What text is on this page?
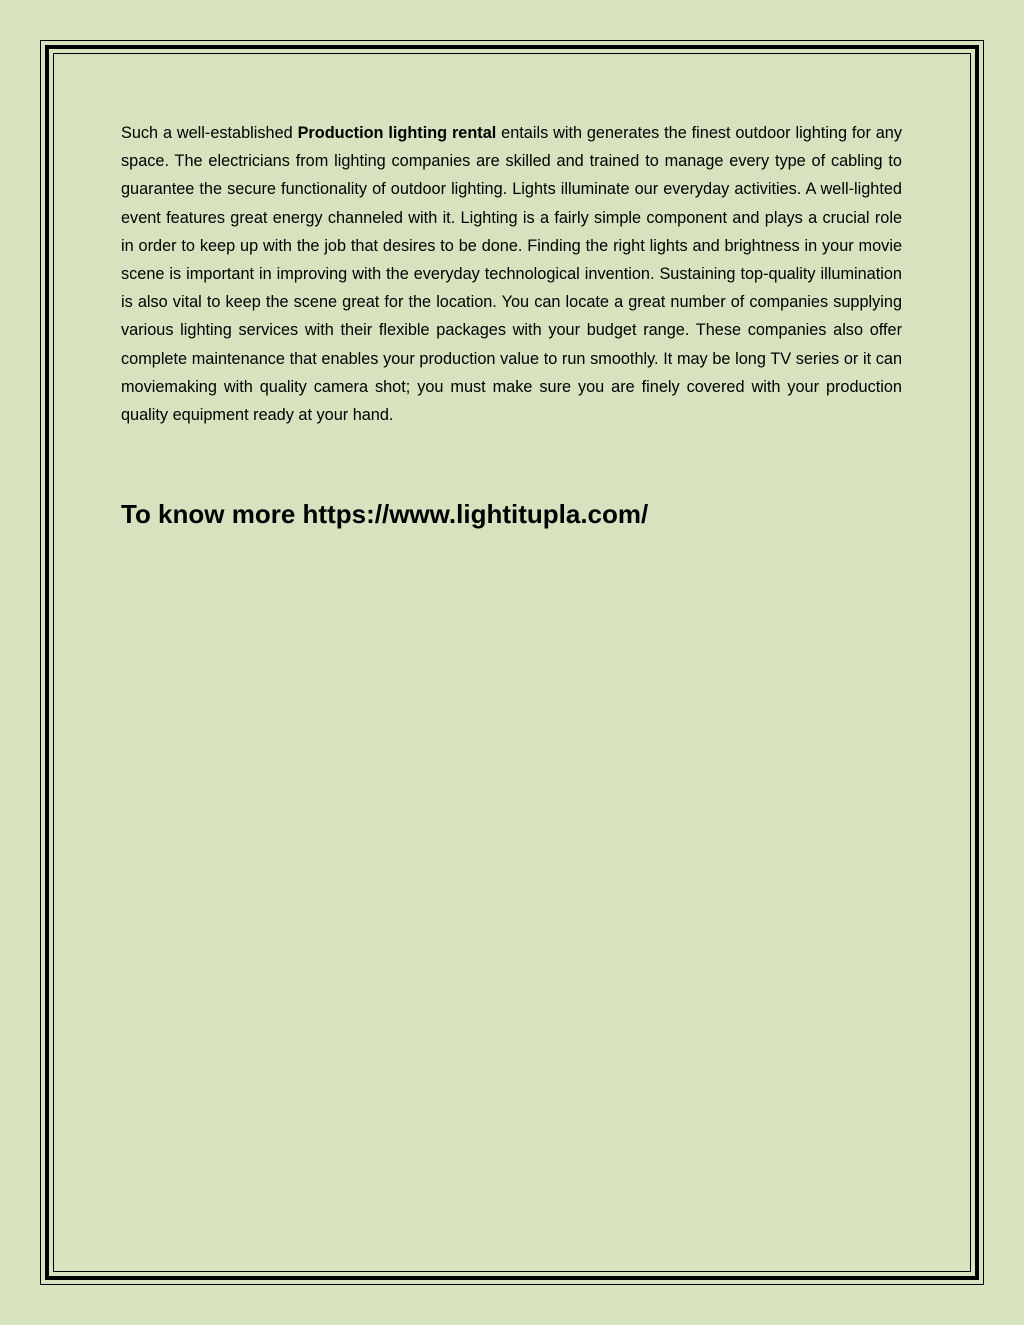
Such a well-established Production lighting rental entails with generates the finest outdoor lighting for any space. The electricians from lighting companies are skilled and trained to manage every type of cabling to guarantee the secure functionality of outdoor lighting. Lights illuminate our everyday activities. A well-lighted event features great energy channeled with it. Lighting is a fairly simple component and plays a crucial role in order to keep up with the job that desires to be done. Finding the right lights and brightness in your movie scene is important in improving with the everyday technological invention. Sustaining top-quality illumination is also vital to keep the scene great for the location. You can locate a great number of companies supplying various lighting services with their flexible packages with your budget range. These companies also offer complete maintenance that enables your production value to run smoothly. It may be long TV series or it can moviemaking with quality camera shot; you must make sure you are finely covered with your production quality equipment ready at your hand.

To know more https://www.lightitupla.com/
